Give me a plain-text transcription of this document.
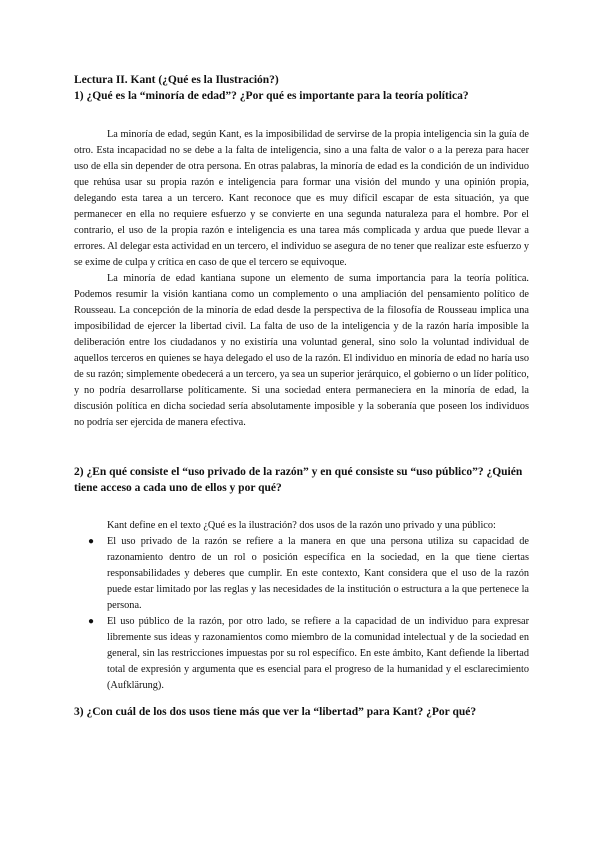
Lectura II. Kant (¿Qué es la Ilustración?)
1) ¿Qué es la “minoría de edad”? ¿Por qué es importante para la teoría política?

La minoría de edad, según Kant, es la imposibilidad de servirse de la propia inteligencia sin la guía de otro. Esta incapacidad no se debe a la falta de inteligencia, sino a una falta de valor o a la pereza para hacer uso de ella sin depender de otra persona. En otras palabras, la minoría de edad es la condición de un individuo que rehúsa usar su propia razón e inteligencia para formar una visión del mundo y una opinión propia, delegando esta tarea a un tercero. Kant reconoce que es muy difícil escapar de esta situación, ya que permanecer en ella no requiere esfuerzo y se convierte en una segunda naturaleza para el hombre. Por el contrario, el uso de la propia razón e inteligencia es una tarea más complicada y ardua que puede llevar a errores. Al delegar esta actividad en un tercero, el individuo se asegura de no tener que realizar este esfuerzo y se exime de culpa y crítica en caso de que el tercero se equivoque.

La minoría de edad kantiana supone un elemento de suma importancia para la teoría política. Podemos resumir la visión kantiana como un complemento o una ampliación del pensamiento político de Rousseau. La concepción de la minoría de edad desde la perspectiva de la filosofía de Rousseau implica una imposibilidad de ejercer la libertad civil. La falta de uso de la inteligencia y de la razón haría imposible la deliberación entre los ciudadanos y no existiría una voluntad general, sino solo la voluntad individual de aquellos terceros en quienes se haya delegado el uso de la razón. El individuo en minoría de edad no haría uso de su razón; simplemente obedecerá a un tercero, ya sea un superior jerárquico, el gobierno o un líder político, y no podría desarrollarse políticamente. Si una sociedad entera permaneciera en la minoría de edad, la discusión política en dicha sociedad sería absolutamente imposible y la soberanía que poseen los individuos no podría ser ejercida de manera efectiva.

2) ¿En qué consiste el “uso privado de la razón” y en qué consiste su “uso público”? ¿Quién tiene acceso a cada uno de ellos y por qué?

Kant define en el texto ¿Qué es la ilustración? dos usos de la razón uno privado y una público:

● El uso privado de la razón se refiere a la manera en que una persona utiliza su capacidad de razonamiento dentro de un rol o posición específica en la sociedad, en la que tiene ciertas responsabilidades y deberes que cumplir. En este contexto, Kant considera que el uso de la razón puede estar limitado por las reglas y las necesidades de la institución o estructura a la que pertenece la persona.
● El uso público de la razón, por otro lado, se refiere a la capacidad de un individuo para expresar libremente sus ideas y razonamientos como miembro de la comunidad intelectual y de la sociedad en general, sin las restricciones impuestas por su rol específico. En este ámbito, Kant defiende la libertad total de expresión y argumenta que es esencial para el progreso de la humanidad y el esclarecimiento (Aufklärung).
3) ¿Con cuál de los dos usos tiene más que ver la “libertad” para Kant? ¿Por qué?
